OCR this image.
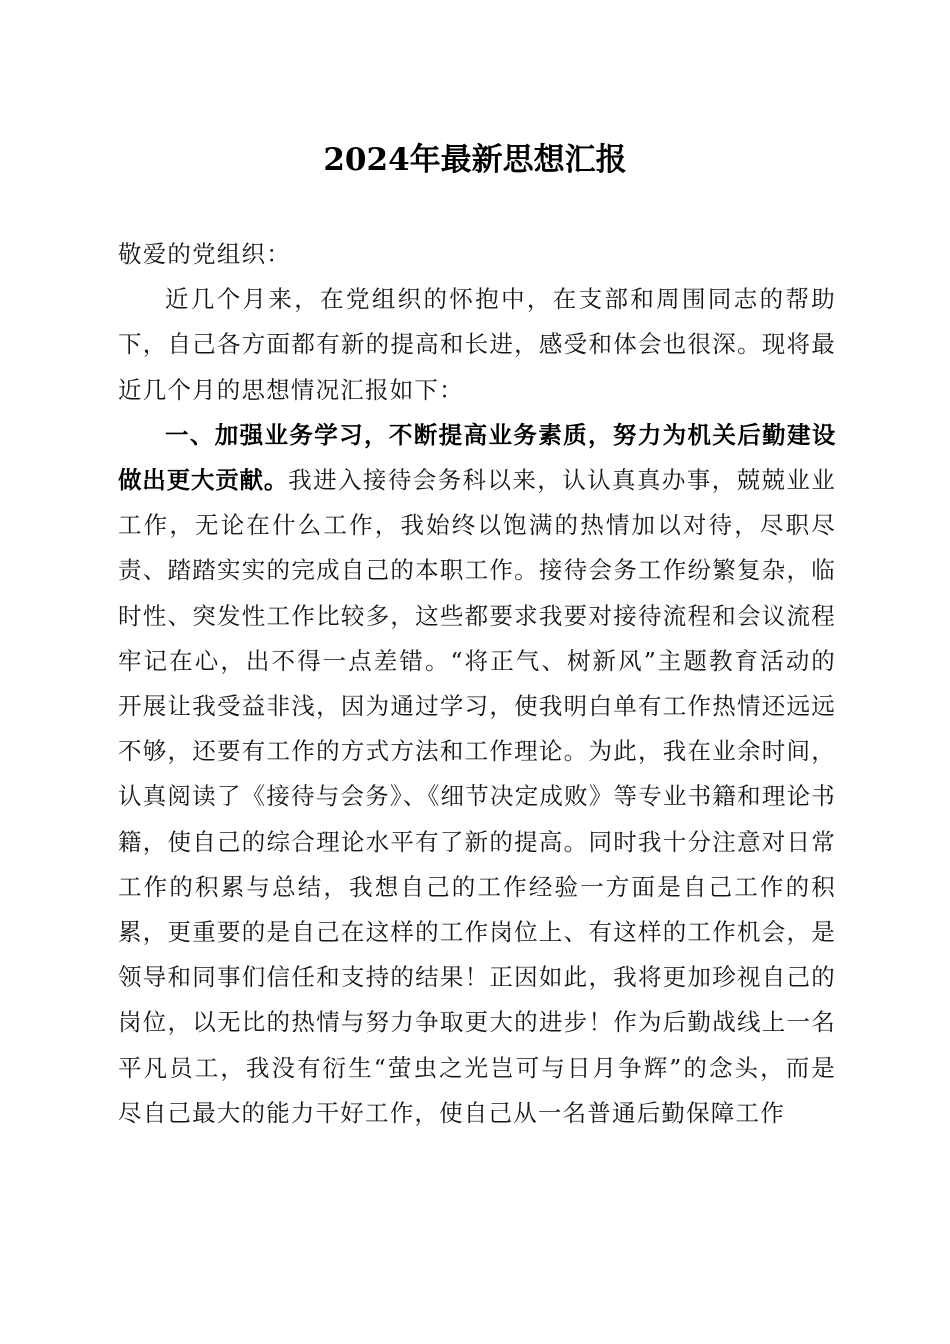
2024年最新思想汇报

敬爱的党组织：

近几个月来，在党组织的怀抱中，在支部和周围同志的帮助下，自己各方面都有新的提高和长进，感受和体会也很深。现将最近几个月的思想情况汇报如下：

一、加强业务学习，不断提高业务素质，努力为机关后勤建设做出更大贡献。我进入接待会务科以来，认认真真办事，兢兢业业工作，无论在什么工作，我始终以饱满的热情加以对待，尽职尽责、踏踏实实的完成自己的本职工作。接待会务工作纷繁复杂，临时性、突发性工作比较多，这些都要求我要对接待流程和会议流程牢记在心，出不得一点差错。“将正气、树新风”主题教育活动的开展让我受益非浅，因为通过学习，使我明白单有工作热情还远远不够，还要有工作的方式方法和工作理论。为此，我在业余时间，认真阅读了《接待与会务》、《细节决定成败》等专业书籍和理论书籍，使自己的综合理论水平有了新的提高。同时我十分注意对日常工作的积累与总结，我想自己的工作经验一方面是自己工作的积累，更重要的是自己在这样的工作岗位上、有这样的工作机会，是领导和同事们信任和支持的结果！正因如此，我将更加珍视自己的岗位，以无比的热情与努力争取更大的进步！作为后勤战线上一名平凡员工，我没有衍生“萤虫之光岂可与日月争辉”的念头，而是尽自己最大的能力干好工作，使自己从一名普通后勤保障工作
